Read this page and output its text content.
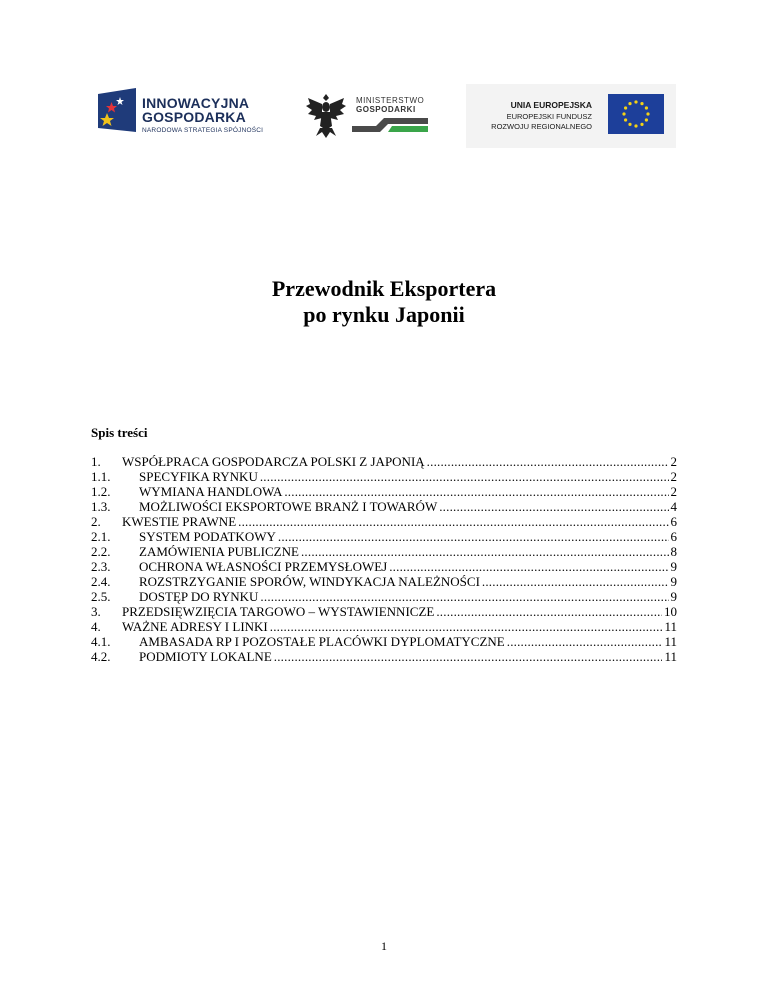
INNOWACYJNA
GOSPODARKA
NARODOWA STRATEGIA SPÓJNOŚCI
MINISTERSTWO
GOSPODARKI	UNIA EUROPEJSKA
EUROPEJSKI FUNDUSZ
ROZWOJU REGIONALNEGO
Przewodnik Eksportera
po rynku Japonii
Spis treści
1. WSPÓŁPRACA GOSPODARCZA POLSKI Z JAPONIĄ .....	2
1.1. SPECYFIKA RYNKU .....	2
1.2. WYMIANA HANDLOWA .....	2
1.3. MOŻLIWOŚCI EKSPORTOWE BRANŻ I TOWARÓW .....	4
2. KWESTIE PRAWNE .....	6
2.1. SYSTEM PODATKOWY .....	6
2.2. ZAMÓWIENIA PUBLICZNE .....	8
2.3. OCHRONA WŁASNOŚCI PRZEMYSŁOWEJ .....	9
2.4. ROZSTRZYGANIE SPORÓW, WINDYKACJA NALEŻNOŚCI .....	9
2.5. DOSTĘP DO RYNKU .....	9
3. PRZEDSIĘWZIĘCIA TARGOWO – WYSTAWIENNICZE .....	10
4. WAŻNE ADRESY I LINKI .....	11
4.1. AMBASADA RP I POZOSTAŁE PLACÓWKI DYPLOMATYCZNE .....	11
4.2. PODMIOTY LOKALNE .....	11
1
